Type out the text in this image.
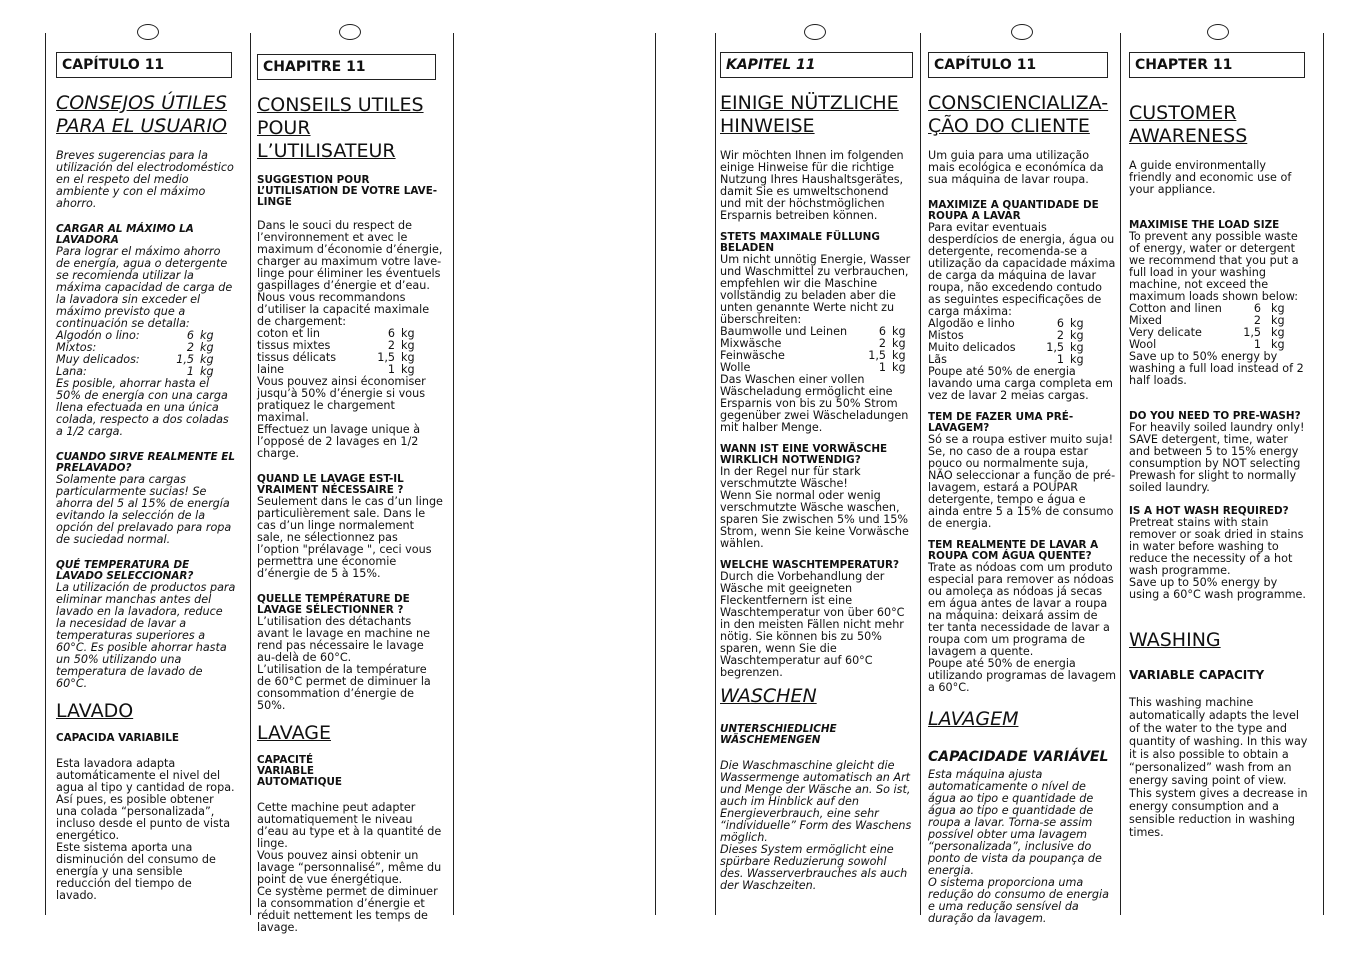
CAPÍTULO 11
CONSEJOS ÚTILES
PARA EL USUARIO

Breves sugerencias para la utilización del electrodoméstico en el respeto del medio ambiente y con el máximo ahorro.

CARGAR AL MÁXIMO LA LAVADORA

Para lograr el máximo ahorro de energía, agua o detergente se recomienda utilizar la máxima capacidad de carga de la lavadora sin exceder el máximo previsto que a continuación se detalla:

Algodón o lino:	6	kg
Mixtos:	2	kg
Muy delicados:	1,5	kg
Lana:	1	kg

Es posible, ahorrar hasta el 50% de energía con una carga llena efectuada en una única colada, respecto a dos coladas a 1/2 carga.

CUANDO SIRVE REALMENTE EL PRELAVADO?

Solamente para cargas particularmente sucias! Se ahorra del 5 al 15% de energía evitando la selección de la opción del prelavado para ropa de suciedad normal.

QUÉ TEMPERATURA DE LAVADO SELECCIONAR?

La utilización de productos para eliminar manchas antes del lavado en la lavadora, reduce la necesidad de lavar a temperaturas superiores a 60°C. Es posible ahorrar hasta un 50% utilizando una temperatura de lavado de 60°C.

LAVADO

CAPACIDA VARIABILE

Esta lavadora adapta automáticamente el nivel del agua al tipo y cantidad de ropa. Así pues, es posible obtener una colada “personalizada”, incluso desde el punto de vista energético.
Este sistema aporta una disminución del consumo de energía y una sensible reducción del tiempo de lavado.

CHAPITRE 11
CONSEILS UTILES
POUR L’UTILISATEUR

SUGGESTION POUR L’UTILISATION DE VOTRE LAVE-LINGE

Dans le souci du respect de l’environnement et avec le maximum d’économie d’énergie, charger au maximum votre lave-linge pour éliminer les éventuels gaspillages d’énergie et d’eau. Nous vous recommandons d’utiliser la capacité maximale de chargement:

coton et lin	6	kg
tissus mixtes	2	kg
tissus délicats	1,5	kg
laine	1	kg

Vous pouvez ainsi économiser jusqu’à 50% d’énergie si vous pratiquez le chargement maximal.
Effectuez un lavage unique à l’opposé de 2 lavages en 1/2 charge.

QUAND LE LAVAGE EST-IL VRAIMENT NÉCESSAIRE ?

Seulement dans le cas d’un linge particulièrement sale. Dans le cas d’un linge normalement sale, ne sélectionnez pas l’option "prélavage ", ceci vous permettra une économie d’énergie de 5 à 15%.

QUELLE TEMPÉRATURE DE LAVAGE SÉLECTIONNER ?

L’utilisation des détachants avant le lavage en machine ne rend pas nécessaire le lavage au-delà de 60°C.
L’utilisation de la température de 60°C permet de diminuer la consommation d’énergie de 50%.

LAVAGE

CAPACITÉ VARIABLE AUTOMATIQUE

Cette machine peut adapter automatiquement le niveau d’eau au type et à la quantité de linge.
Vous pouvez ainsi obtenir un lavage “personnalisé”, même du point de vue énergétique.
Ce système permet de diminuer la consommation d’énergie et réduit nettement les temps de lavage.

KAPITEL 11
EINIGE NÜTZLICHE
HINWEISE

Wir möchten Ihnen im folgenden einige Hinweise für die richtige Nutzung Ihres Haushaltsgerätes, damit Sie es umweltschonend und mit der höchstmöglichen Ersparnis betreiben können.

STETS MAXIMALE FÜLLUNG BELADEN

Um nicht unnötig Energie, Wasser und Waschmittel zu verbrauchen, empfehlen wir die Maschine vollständig zu beladen aber die unten genannte Werte nicht zu überschreiten:

Baumwolle und Leinen	6	kg
Mixwäsche	2	kg
Feinwäsche	1,5	kg
Wolle	1	kg

Das Waschen einer vollen Wäscheladung ermöglicht eine Ersparnis von bis zu 50% Strom gegenüber zwei Wäscheladungen mit halber Menge.

WANN IST EINE VORWÄSCHE WIRKLICH NOTWENDIG?

In der Regel nur für stark verschmutzte Wäsche!
Wenn Sie normal oder wenig verschmutzte Wäsche waschen, sparen Sie zwischen 5% und 15% Strom, wenn Sie keine Vorwäsche wählen.

WELCHE WASCHTEMPERATUR?

Durch die Vorbehandlung der Wäsche mit geeigneten Fleckentfernern ist eine Waschtemperatur von über 60°C in den meisten Fällen nicht mehr nötig. Sie können bis zu 50% sparen, wenn Sie die Waschtemperatur auf 60°C begrenzen.

WASCHEN

UNTERSCHIEDLICHE WÄSCHEMENGEN

Die Waschmaschine gleicht die Wassermenge automatisch an Art und Menge der Wäsche an. So ist, auch im Hinblick auf den Energieverbrauch, eine sehr “individuelle” Form des Waschens möglich.
Dieses System ermöglicht eine spürbare Reduzierung sowohl des. Wasserverbrauches als auch der Waschzeiten.

CAPÍTULO 11
CONSCIENCIALIZA-
ÇÃO DO CLIENTE

Um guia para uma utilização mais ecológica e económica da sua máquina de lavar roupa.

MAXIMIZE A QUANTIDADE DE ROUPA A LAVAR

Para evitar eventuais desperdícios de energia, água ou detergente, recomenda-se a utilização da capacidade máxima de carga da máquina de lavar roupa, não excedendo contudo as seguintes especificações de carga máxima:

Algodão e linho	6	kg
Mistos	2	kg
Muito delicados	1,5	kg
Lãs	1	kg

Poupe até 50% de energia lavando uma carga completa em vez de lavar 2 meias cargas.

TEM DE FAZER UMA PRÉ-LAVAGEM?

Só se a roupa estiver muito suja! Se, no caso de a roupa estar pouco ou normalmente suja, NÃO seleccionar a função de pré-lavagem, estará a POUPAR detergente, tempo e água e ainda entre 5 a 15% de consumo de energia.

TEM REALMENTE DE LAVAR A ROUPA COM ÁGUA QUENTE?

Trate as nódoas com um produto especial para remover as nódoas ou amoleça as nódoas já secas em água antes de lavar a roupa na máquina: deixará assim de ter tanta necessidade de lavar a roupa com um programa de lavagem a quente.
Poupe até 50% de energia utilizando programas de lavagem a 60°C.

LAVAGEM

CAPACIDADE VARIÁVEL

Esta máquina ajusta automaticamente o nível de água ao tipo e quantidade de água ao tipo e quantidade de roupa a lavar. Torna-se assim possível obter uma lavagem “personalizada”, inclusive do ponto de vista da poupança de energia.
O sistema proporciona uma redução do consumo de energia e uma redução sensível da duração da lavagem.

CHAPTER 11
CUSTOMER
AWARENESS

A guide environmentally friendly and economic use of your appliance.

MAXIMISE THE LOAD SIZE

To prevent any possible waste of energy, water or detergent we recommend that you put a full load in your washing machine, not exceed the maximum loads shown below:

Cotton and linen	6	kg
Mixed	2	kg
Very delicate	1,5	kg
Wool	1	kg

Save up to 50% energy by washing a full load instead of 2 half loads.

DO YOU NEED TO PRE-WASH?

For heavily soiled laundry only!
SAVE detergent, time, water and between 5 to 15% energy consumption by NOT selecting Prewash for slight to normally soiled laundry.

IS A HOT WASH REQUIRED?

Pretreat stains with stain remover or soak dried in stains in water before washing to reduce the necessity of a hot wash programme.
Save up to 50% energy by using a 60°C wash programme.

WASHING

VARIABLE CAPACITY

This washing machine automatically adapts the level of the water to the type and quantity of washing. In this way it is also possible to obtain a “personalized” wash from an energy saving point of view.
This system gives a decrease in energy consumption and a sensible reduction in washing times.
